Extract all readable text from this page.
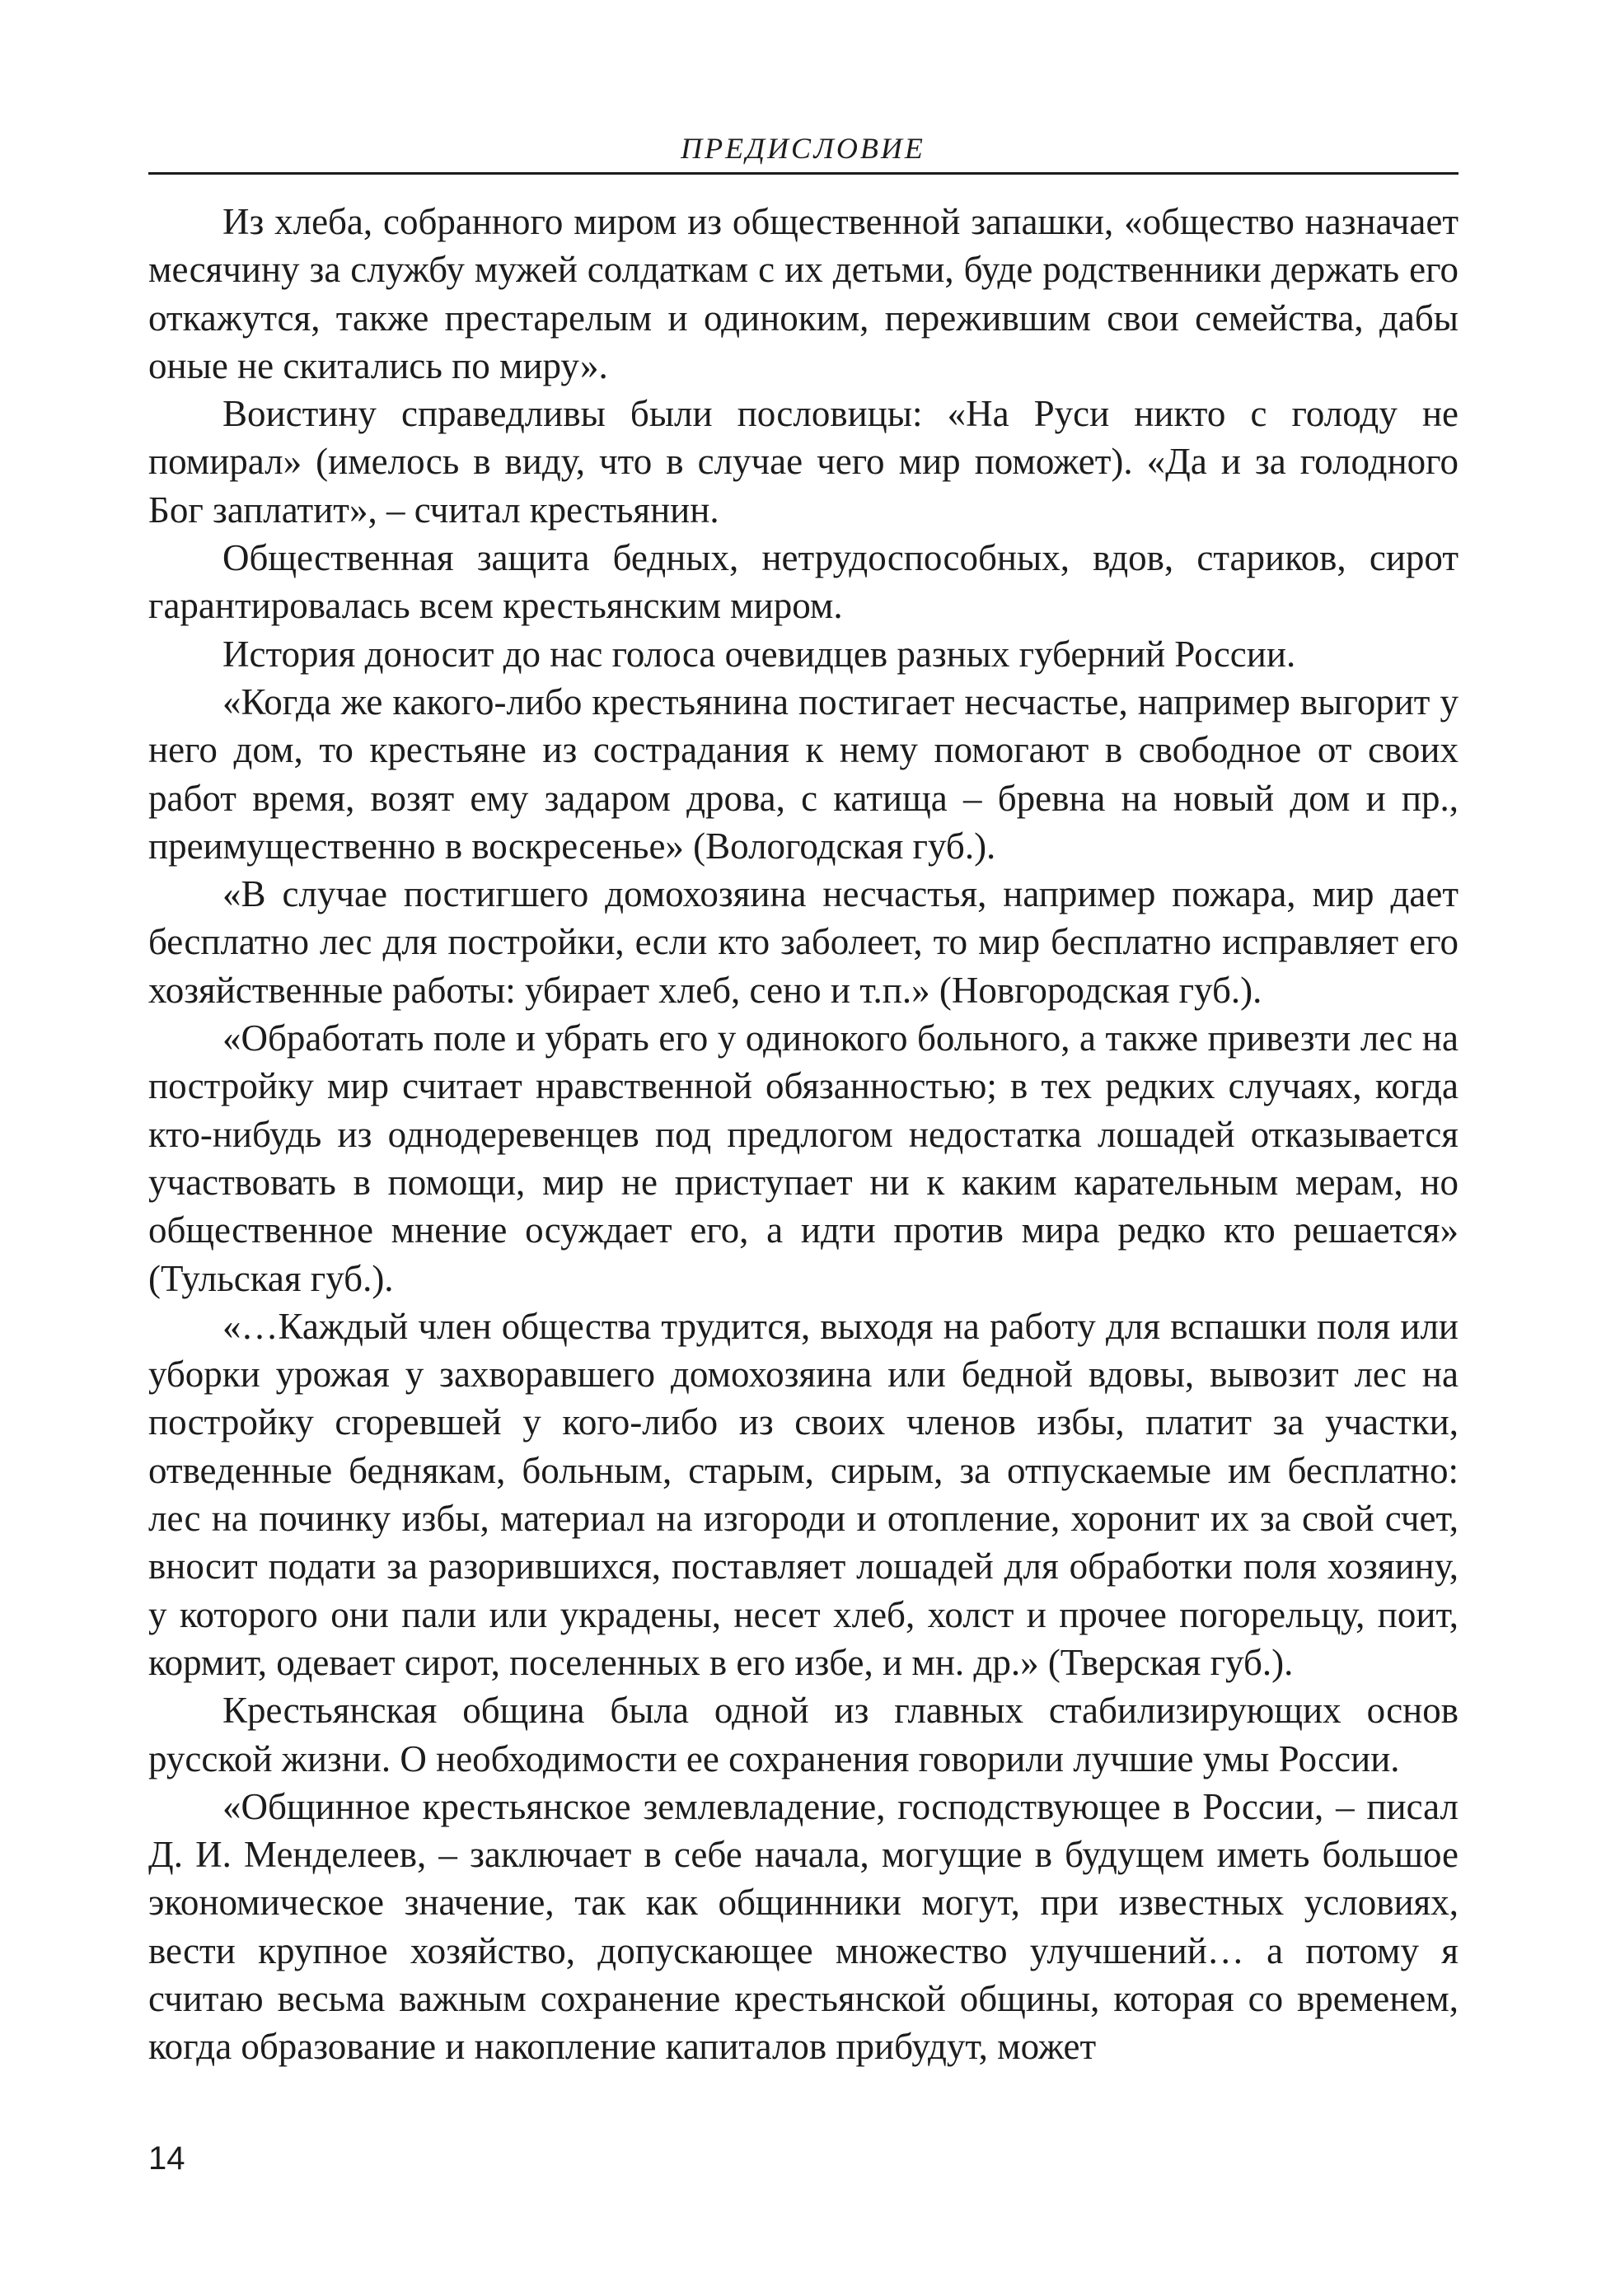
ПРЕДИСЛОВИЕ

Из хлеба, собранного миром из общественной запашки, «общество назначает месячину за службу мужей солдаткам с их детьми, буде родственники держать его откажутся, также престарелым и одиноким, пережившим свои семейства, дабы оные не скитались по миру».

Воистину справедливы были пословицы: «На Руси никто с голоду не помирал» (имелось в виду, что в случае чего мир поможет). «Да и за голодного Бог заплатит», – считал крестьянин.

Общественная защита бедных, нетрудоспособных, вдов, стариков, сирот гарантировалась всем крестьянским миром.

История доносит до нас голоса очевидцев разных губерний России.

«Когда же какого-либо крестьянина постигает несчастье, например выгорит у него дом, то крестьяне из сострадания к нему помогают в свободное от своих работ время, возят ему задаром дрова, с катища – бревна на новый дом и пр., преимущественно в воскресенье» (Вологодская губ.).

«В случае постигшего домохозяина несчастья, например пожара, мир дает бесплатно лес для постройки, если кто заболеет, то мир бесплатно исправляет его хозяйственные работы: убирает хлеб, сено и т.п.» (Новгородская губ.).

«Обработать поле и убрать его у одинокого больного, а также привезти лес на постройку мир считает нравственной обязанностью; в тех редких случаях, когда кто-нибудь из однодеревенцев под предлогом недостатка лошадей отказывается участвовать в помощи, мир не приступает ни к каким карательным мерам, но общественное мнение осуждает его, а идти против мира редко кто решается» (Тульская губ.).

«…Каждый член общества трудится, выходя на работу для вспашки поля или уборки урожая у захворавшего домохозяина или бедной вдовы, вывозит лес на постройку сгоревшей у кого-либо из своих членов избы, платит за участки, отведенные беднякам, больным, старым, сирым, за отпускаемые им бесплатно: лес на починку избы, материал на изгороди и отопление, хоронит их за свой счет, вносит подати за разорившихся, поставляет лошадей для обработки поля хозяину, у которого они пали или украдены, несет хлеб, холст и прочее погорельцу, поит, кормит, одевает сирот, поселенных в его избе, и мн. др.» (Тверская губ.).

Крестьянская община была одной из главных стабилизирующих основ русской жизни. О необходимости ее сохранения говорили лучшие умы России.

«Общинное крестьянское землевладение, господствующее в России, – писал Д. И. Менделеев, – заключает в себе начала, могущие в будущем иметь большое экономическое значение, так как общинники могут, при известных условиях, вести крупное хозяйство, допускающее множество улучшений… а потому я считаю весьма важным сохранение крестьянской общины, которая со временем, когда образование и накопление капиталов прибудут, может

14
